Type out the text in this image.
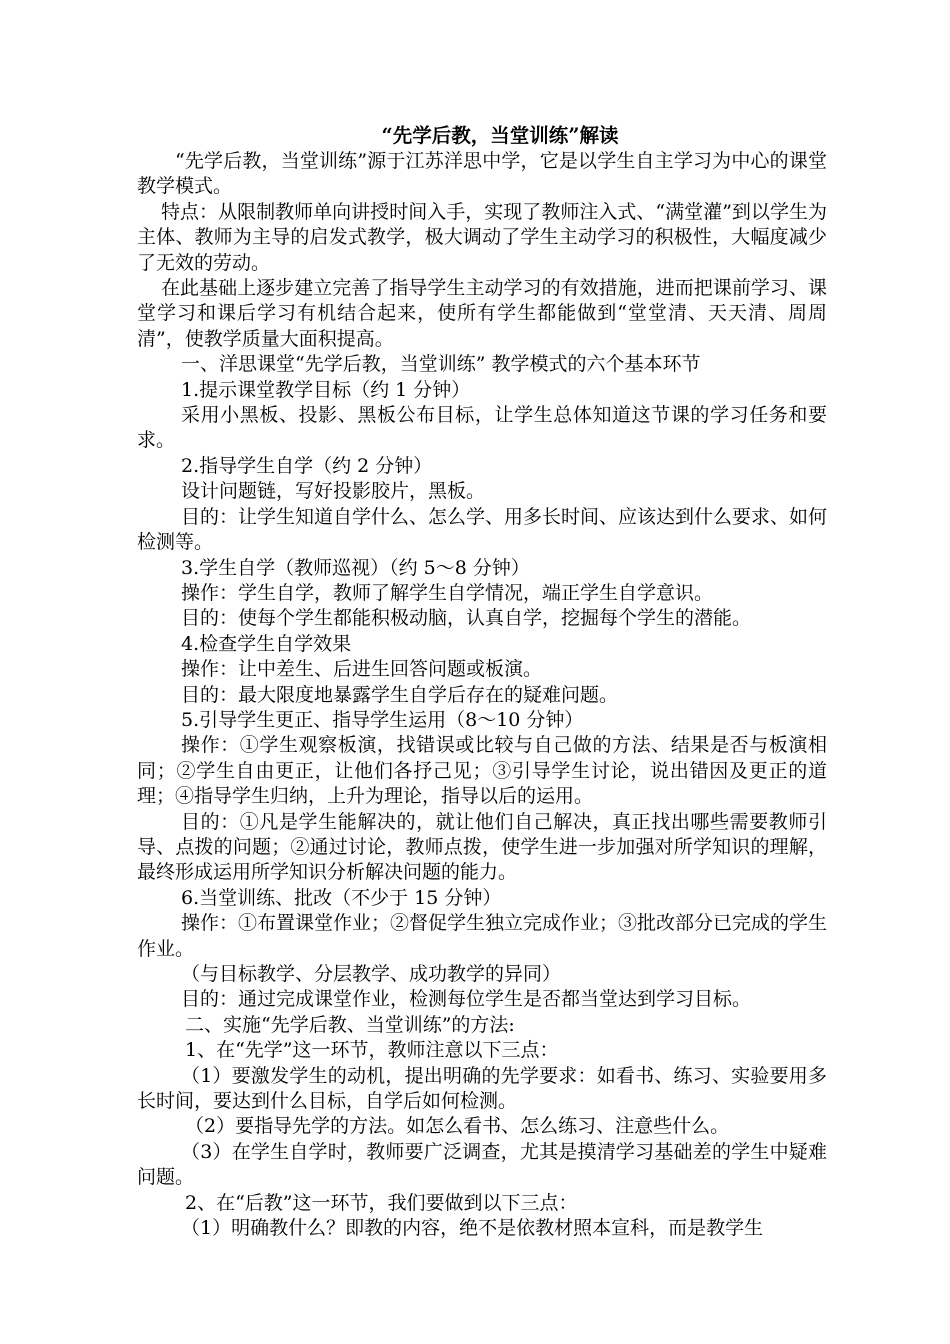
“先学后教，当堂训练”解读

“先学后教，当堂训练”源于江苏洋思中学，它是以学生自主学习为中心的课堂教学模式。

特点：从限制教师单向讲授时间入手，实现了教师注入式、“满堂灌”到以学生为主体、教师为主导的启发式教学，极大调动了学生主动学习的积极性，大幅度减少了无效的劳动。

在此基础上逐步建立完善了指导学生主动学习的有效措施，进而把课前学习、课堂学习和课后学习有机结合起来，使所有学生都能做到“堂堂清、天天清、周周清”，使教学质量大面积提高。

一、洋思课堂“先学后教，当堂训练” 教学模式的六个基本环节

1.提示课堂教学目标（约 1 分钟）

采用小黑板、投影、黑板公布目标，让学生总体知道这节课的学习任务和要求。

2.指导学生自学（约 2 分钟）

设计问题链，写好投影胶片，黑板。

目的：让学生知道自学什么、怎么学、用多长时间、应该达到什么要求、如何检测等。

3.学生自学（教师巡视）（约 5～8 分钟）

操作：学生自学，教师了解学生自学情况，端正学生自学意识。

目的：使每个学生都能积极动脑，认真自学，挖掘每个学生的潜能。

4.检查学生自学效果

操作：让中差生、后进生回答问题或板演。

目的：最大限度地暴露学生自学后存在的疑难问题。

5.引导学生更正、指导学生运用（8～10 分钟）

操作：①学生观察板演，找错误或比较与自己做的方法、结果是否与板演相同；②学生自由更正，让他们各抒己见；③引导学生讨论，说出错因及更正的道理；④指导学生归纳，上升为理论，指导以后的运用。

目的：①凡是学生能解决的，就让他们自己解决，真正找出哪些需要教师引导、点拨的问题；②通过讨论，教师点拨，使学生进一步加强对所学知识的理解，最终形成运用所学知识分析解决问题的能力。

6.当堂训练、批改（不少于 15 分钟）

操作：①布置课堂作业；②督促学生独立完成作业；③批改部分已完成的学生作业。

（与目标教学、分层教学、成功教学的异同）

目的：通过完成课堂作业，检测每位学生是否都当堂达到学习目标。

二、实施“先学后教、当堂训练”的方法:

1、在“先学”这一环节，教师注意以下三点：

（1）要激发学生的动机，提出明确的先学要求：如看书、练习、实验要用多长时间，要达到什么目标，自学后如何检测。

（2）要指导先学的方法。如怎么看书、怎么练习、注意些什么。

（3）在学生自学时，教师要广泛调查，尤其是摸清学习基础差的学生中疑难问题。

2、在“后教”这一环节，我们要做到以下三点：

（1）明确教什么？即教的内容，绝不是依教材照本宣科，而是教学生
